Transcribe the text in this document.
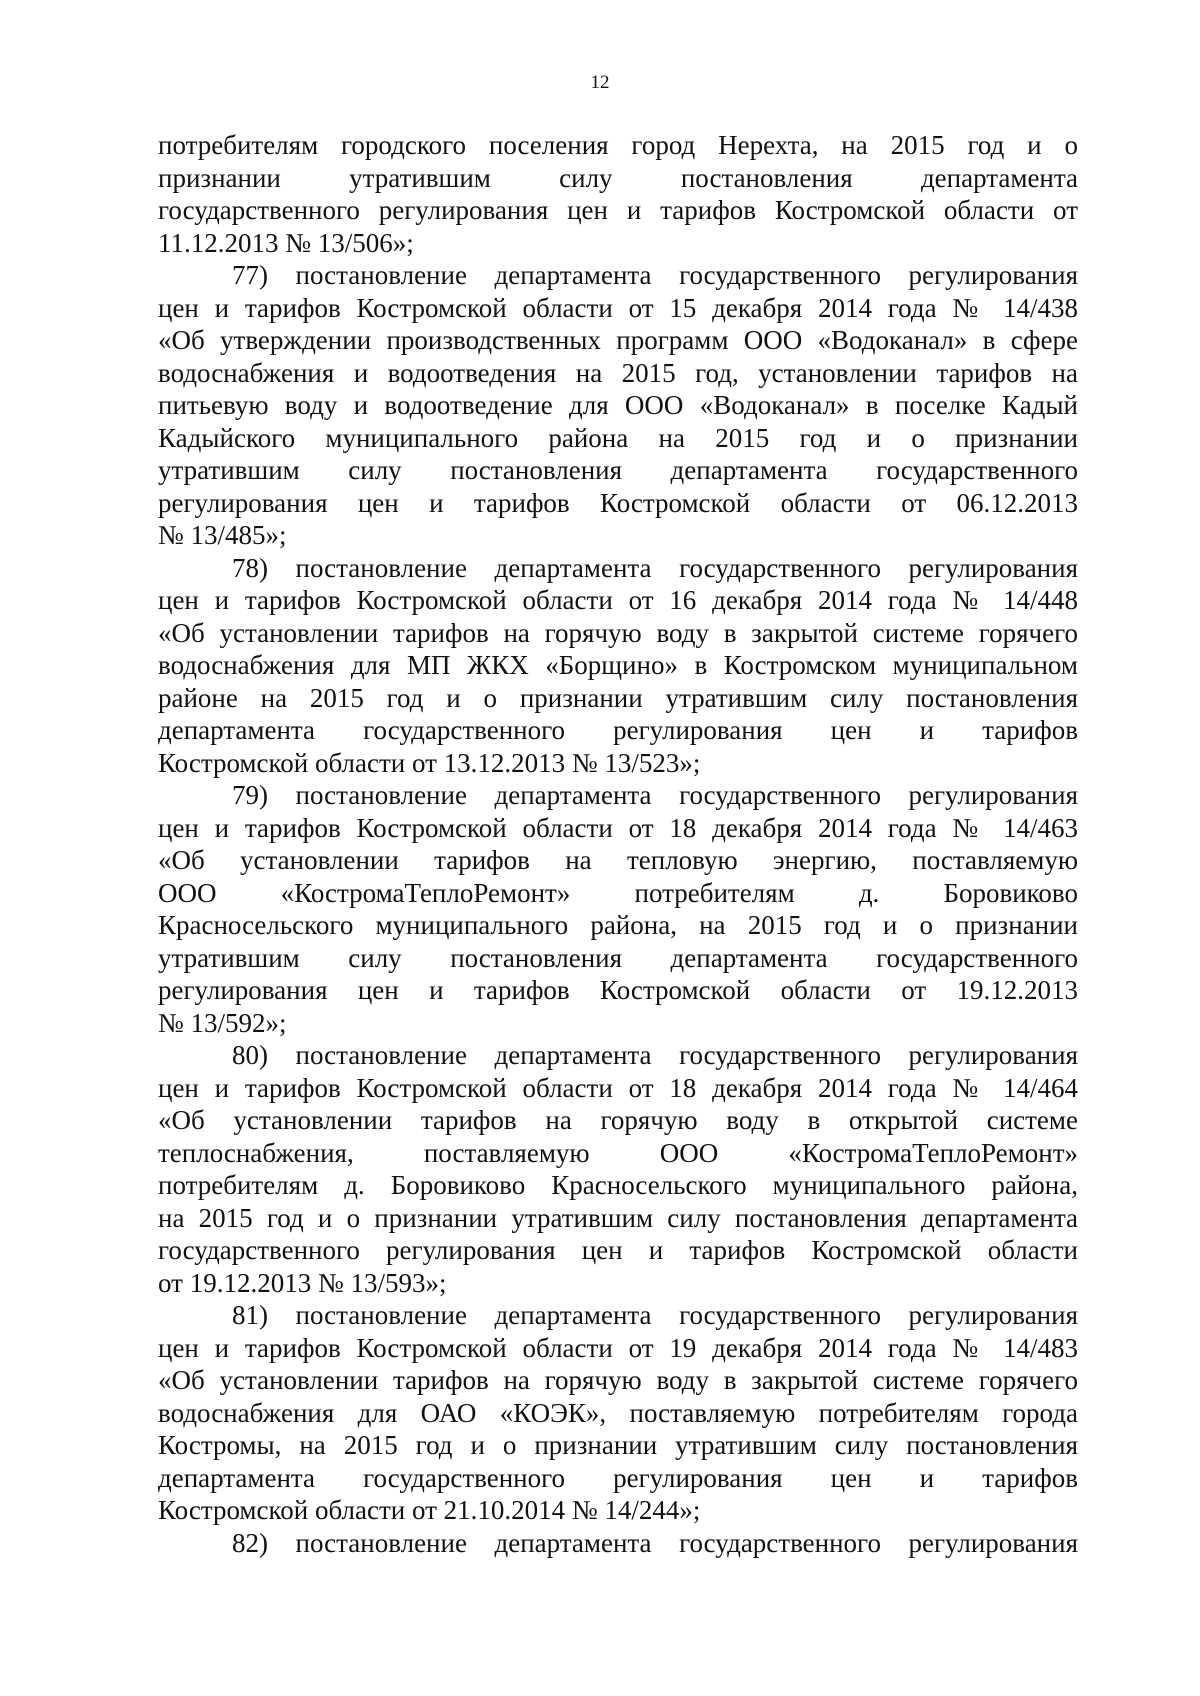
12
потребителям городского поселения город Нерехта, на 2015 год и о
признании утратившим силу постановления департамента
государственного регулирования цен и тарифов Костромской области от
11.12.2013 № 13/506»;
77) постановление департамента государственного регулирования
цен и тарифов Костромской области от 15 декабря 2014 года № 14/438
«Об утверждении производственных программ ООО «Водоканал» в сфере
водоснабжения и водоотведения на 2015 год, установлении тарифов на
питьевую воду и водоотведение для ООО «Водоканал» в поселке Кадый
Кадыйского муниципального района на 2015 год и о признании
утратившим силу постановления департамента государственного
регулирования цен и тарифов Костромской области от 06.12.2013
№ 13/485»;
78) постановление департамента государственного регулирования
цен и тарифов Костромской области от 16 декабря 2014 года № 14/448
«Об установлении тарифов на горячую воду в закрытой системе горячего
водоснабжения для МП ЖКХ «Борщино» в Костромском муниципальном
районе на 2015 год и о признании утратившим силу постановления
департамента государственного регулирования цен и тарифов
Костромской области от 13.12.2013 № 13/523»;
79) постановление департамента государственного регулирования
цен и тарифов Костромской области от 18 декабря 2014 года № 14/463
«Об установлении тарифов на тепловую энергию, поставляемую
ООО «КостромаТеплоРемонт» потребителям д. Боровиково
Красносельского муниципального района, на 2015 год и о признании
утратившим силу постановления департамента государственного
регулирования цен и тарифов Костромской области от 19.12.2013
№ 13/592»;
80) постановление департамента государственного регулирования
цен и тарифов Костромской области от 18 декабря 2014 года № 14/464
«Об установлении тарифов на горячую воду в открытой системе
теплоснабжения, поставляемую ООО «КостромаТеплоРемонт»
потребителям д. Боровиково Красносельского муниципального района,
на 2015 год и о признании утратившим силу постановления департамента
государственного регулирования цен и тарифов Костромской области
от 19.12.2013 № 13/593»;
81) постановление департамента государственного регулирования
цен и тарифов Костромской области от 19 декабря 2014 года № 14/483
«Об установлении тарифов на горячую воду в закрытой системе горячего
водоснабжения для ОАО «КОЭК», поставляемую потребителям города
Костромы, на 2015 год и о признании утратившим силу постановления
департамента государственного регулирования цен и тарифов
Костромской области от 21.10.2014 № 14/244»;
82) постановление департамента государственного регулирования
